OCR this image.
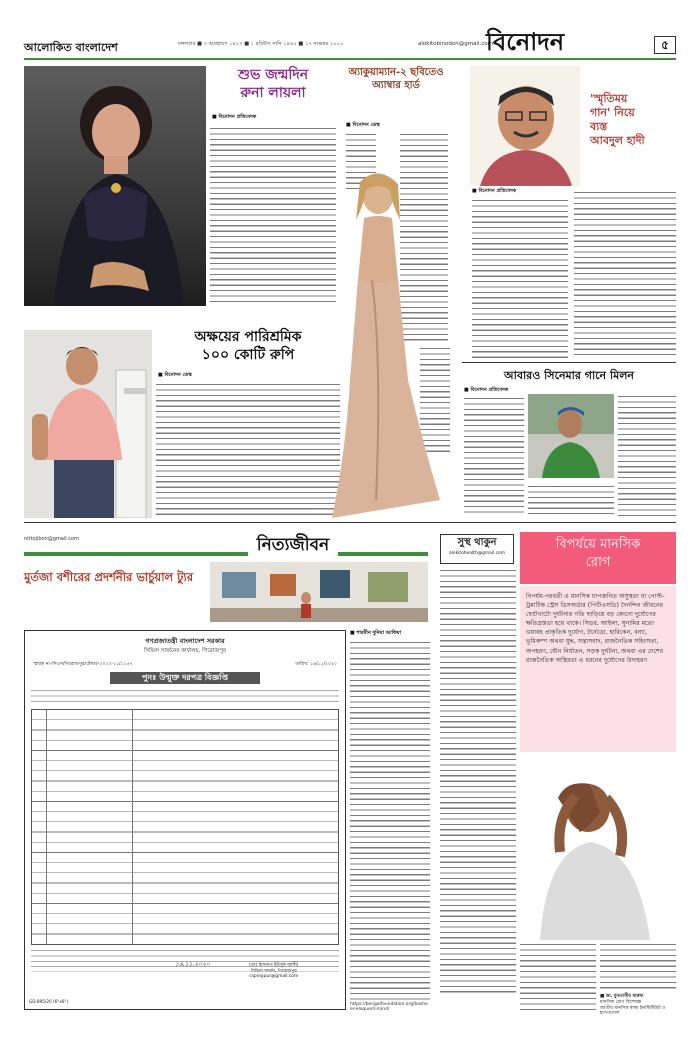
আলোকিত বাংলাদেশ	মঙ্গলবার ■ ৩ অগ্রহায়ণ ১৪২৭ ■ ১ রবিউস সানি ১৪৪২ ■ ১৭ নভেম্বর ২০২০	alokitobinodon@gmail.com
বিনোদন	৫
শুভ জন্মদিন
রুনা লায়লা
■ বিনোদন প্রতিবেদক
অক্ষয়ের পারিশ্রমিক
১০০ কোটি রুপি
■ বিনোদন ডেস্ক
অ্যাকুয়াম্যান-২ ছবিতেও অ্যাম্বার হার্ড
■ বিনোদন ডেস্ক
'স্মৃতিময়
গান' নিয়ে
ব্যস্ত
আবদুল হাদী
■ বিনোদন প্রতিবেদক
আবারও সিনেমার গানে মিলন
■ বিনোদন প্রতিবেদক
nittojibon@gmail.com	নিত্যজীবন
মুর্তজা বশীরের প্রদর্শনীর ভার্চুয়াল ট্যুর
গণপ্রজাতন্ত্রী বাংলাদেশ সরকার
সিভিল সার্জনের কার্যালয়, পিরোজপুর
স্মারক নং-সিএস/পিরোজপুর/টেন্ডার-২০২০-২১/১১৫৭	তারিখ: ১৬/১১/২০২০
পুনঃ উন্মুক্ত দরপত্র বিজ্ঞপ্তি
১৬.১১.২০২০	(ডাঃ হাসনাত ইউসুফ জাকী)
সিভিল সার্জন, পিরোজপুর
cspirojpur@gmail.com
GD-895/20 (6"x6")
■ শারমীন দুনিয়া আফিয়া
https://bengalfoundation.org/basheer-eloquent-mind/
সুস্থ থাকুন
alokitohealth@gmail.com
বিপর্যয়ে মানসিক
রোগ
বিপর্যয়-পরবর্তী এ মানসিক চাপজনিত অসুস্থতা বা পোস্ট-ট্রমাটিক স্ট্রেস ডিসঅর্ডার (পিটিএসডি) দৈনন্দিন জীবনের ছোটখাটো দুর্ঘটনার গতি ছাড়িয়ে বড় কোনো দুর্যোগের ক্ষতিগ্রস্ততা হয়ে থাকে। সিডর, আইলা, সুনামির মতো ভয়াবহ প্রাকৃতিক দুর্যোগ, টর্নেডো, হারিকেন, বন্যা, ভূমিকম্প অথবা যুদ্ধ, সন্ত্রাসবাদ, রাজনৈতিক সহিংসতা, অপহরণ, যৌন নির্যাতন, সড়ক দুর্ঘটনা, অথবা এর দেশের রাজনৈতিক অস্থিরতা এ ধরনের দুর্যোগের উদাহরণ
■ ডা. মুনতাসীর মারুফ
মানসিক রোগ বিশেষজ্ঞ
জাতীয় মানসিক স্বাস্থ্য ইনস্টিটিউট ও হাসপাতাল
